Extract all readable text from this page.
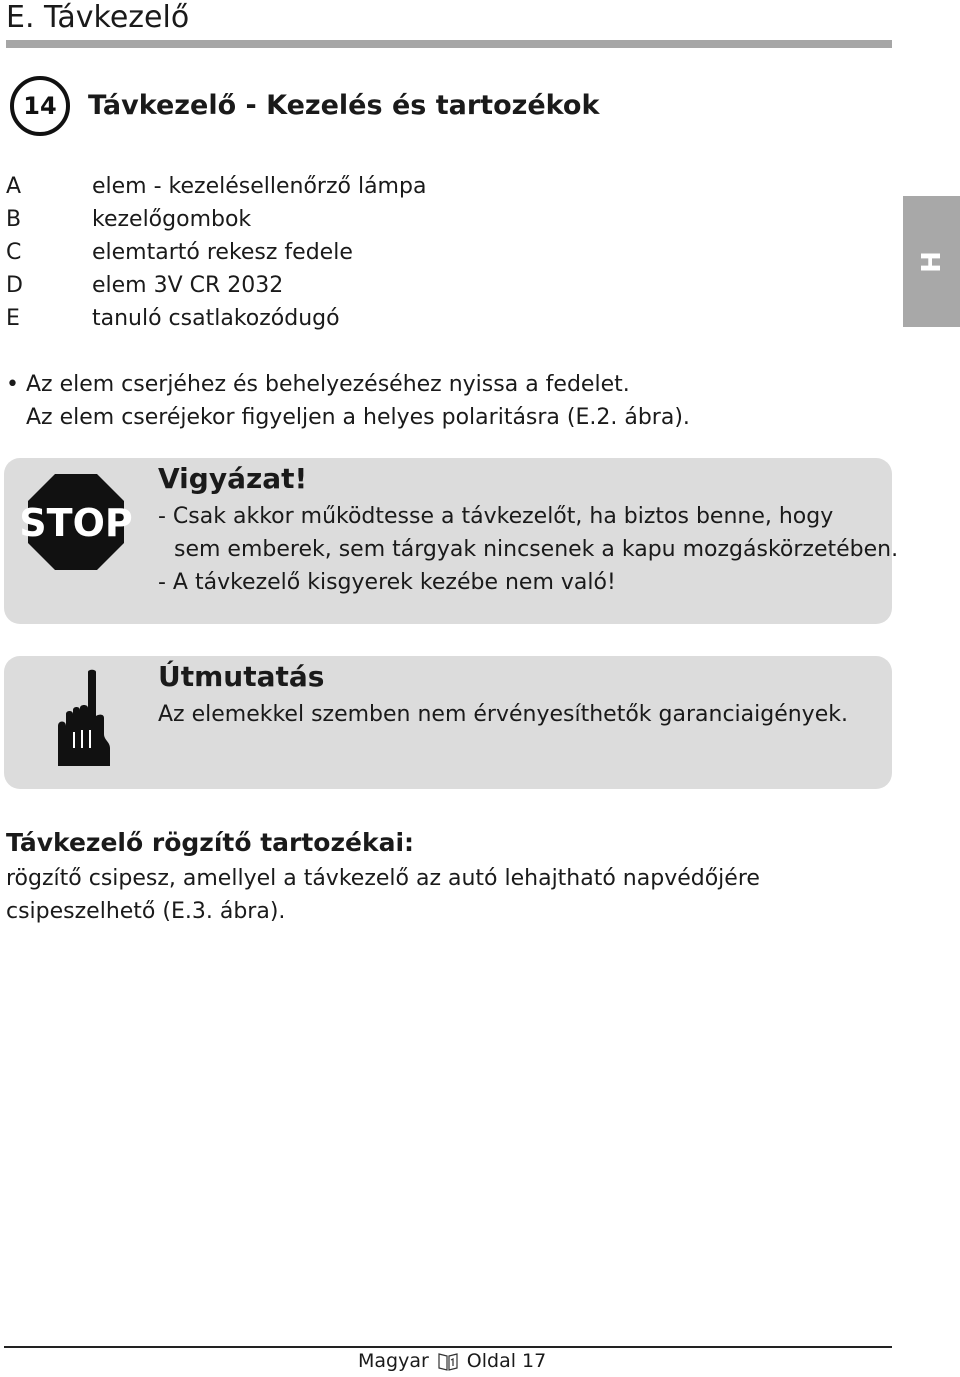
E. Távkezelő
14	Távkezelő - Kezelés és tartozékok
H
A	elem - kezelésellenőrző lámpa
B	kezelőgombok
C	elemtartó rekesz fedele
D	elem 3V CR 2032
E	tanuló csatlakozódugó
• Az elem cserjéhez és behelyezéséhez nyissa a fedelet.
Az elem cseréjekor figyeljen a helyes polaritásra (E.2. ábra).
STOP
Vigyázat!
- Csak akkor működtesse a távkezelőt, ha biztos benne, hogy
sem emberek, sem tárgyak nincsenek a kapu mozgáskörzetében.
- A távkezelő kisgyerek kezébe nem való!
Útmutatás
Az elemekkel szemben nem érvényesíthetők garanciaigények.
Távkezelő rögzítő tartozékai:
rögzítő csipesz, amellyel a távkezelő az autó lehajtható napvédőjére
csipeszelhető (E.3. ábra).
Magyar Oldal 17
